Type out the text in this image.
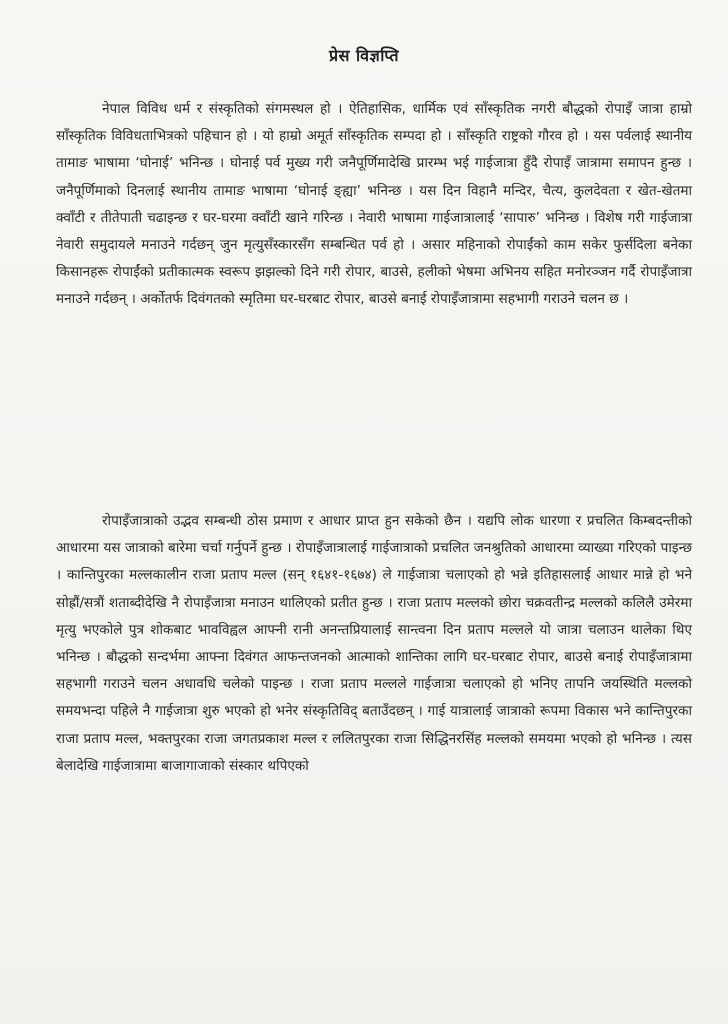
प्रेस विज्ञप्ति

नेपाल विविध धर्म र संस्कृतिको संगमस्थल हो । ऐतिहासिक, धार्मिक एवं साँस्कृतिक नगरी बौद्धको रोपाइँ जात्रा हाम्रो साँस्कृतिक विविधताभित्रको पहिचान हो । यो हाम्रो अमूर्त साँस्कृतिक सम्पदा हो । साँस्कृति राष्ट्रको गौरव हो । यस पर्वलाई स्थानीय तामाङ भाषामा ‘घोनाई’ भनिन्छ । घोनाई पर्व मुख्य गरी जनैपूर्णिमादेखि प्रारम्भ भई गाईजात्रा हुँदै रोपाइँ जात्रामा समापन हुन्छ । जनैपूर्णिमाको दिनलाई स्थानीय तामाङ भाषामा ‘घोनाई ङ्ह्या’ भनिन्छ । यस दिन विहानै मन्दिर, चैत्य, कुलदेवता र खेत-खेतमा क्वाँटी र तीतेपाती चढाइन्छ र घर-घरमा क्वाँटी खाने गरिन्छ । नेवारी भाषामा गाईजात्रालाई ‘सापारु’ भनिन्छ । विशेष गरी गाईजात्रा नेवारी समुदायले मनाउने गर्दछन् जुन मृत्युसँस्कारसँग सम्बन्धित पर्व हो । असार महिनाको रोपाईंको काम सकेर फुर्सदिला बनेका किसानहरू रोपाईंको प्रतीकात्मक स्वरूप झझल्को दिने गरी रोपार, बाउसे, हलीको भेषमा अभिनय सहित मनोरञ्जन गर्दै रोपाइँजात्रा मनाउने गर्दछन् । अर्कोतर्फ दिवंगतको स्मृतिमा घर-घरबाट रोपार, बाउसे बनाई रोपाइँजात्रामा सहभागी गराउने चलन छ ।

रोपाइँजात्राको उद्भव सम्बन्धी ठोस प्रमाण र आधार प्राप्त हुन सकेको छैन । यद्यपि लोक धारणा र प्रचलित किम्बदन्तीको आधारमा यस जात्राको बारेमा चर्चा गर्नुपर्ने हुन्छ । रोपाइँजात्रालाई गाईजात्राको प्रचलित जनश्रुतिको आधारमा व्याख्या गरिएको पाइन्छ । कान्तिपुरका मल्लकालीन राजा प्रताप मल्ल (सन् १६४१-१६७४) ले गाईजात्रा चलाएको हो भन्ने इतिहासलाई आधार मान्ने हो भने सोह्रौं/सत्रौं शताब्दीदेखि नै रोपाइँजात्रा मनाउन थालिएको प्रतीत हुन्छ । राजा प्रताप मल्लको छोरा चक्रवतीन्द्र मल्लको कलिलै उमेरमा मृत्यु भएकोले पुत्र शोकबाट भावविह्वल आफ्नी रानी अनन्तप्रियालाई सान्त्वना दिन प्रताप मल्लले यो जात्रा चलाउन थालेका थिए भनिन्छ । बौद्धको सन्दर्भमा आफ्ना दिवंगत आफन्तजनको आत्माको शान्तिका लागि घर-घरबाट रोपार, बाउसे बनाई रोपाइँजात्रामा सहभागी गराउने चलन अधावधि चलेको पाइन्छ । राजा प्रताप मल्लले गाईजात्रा चलाएको हो भनिए तापनि जयस्थिति मल्लको समयभन्दा पहिले नै गाईजात्रा शुरु भएको हो भनेर संस्कृतिविद् बताउँदछन् । गाई यात्रालाई जात्राको रूपमा विकास भने कान्तिपुरका राजा प्रताप मल्ल, भक्तपुरका राजा जगतप्रकाश मल्ल र ललितपुरका राजा सिद्धिनरसिंह मल्लको समयमा भएको हो भनिन्छ । त्यस बेलादेखि गाईजात्रामा बाजागाजाको संस्कार थपिएको
